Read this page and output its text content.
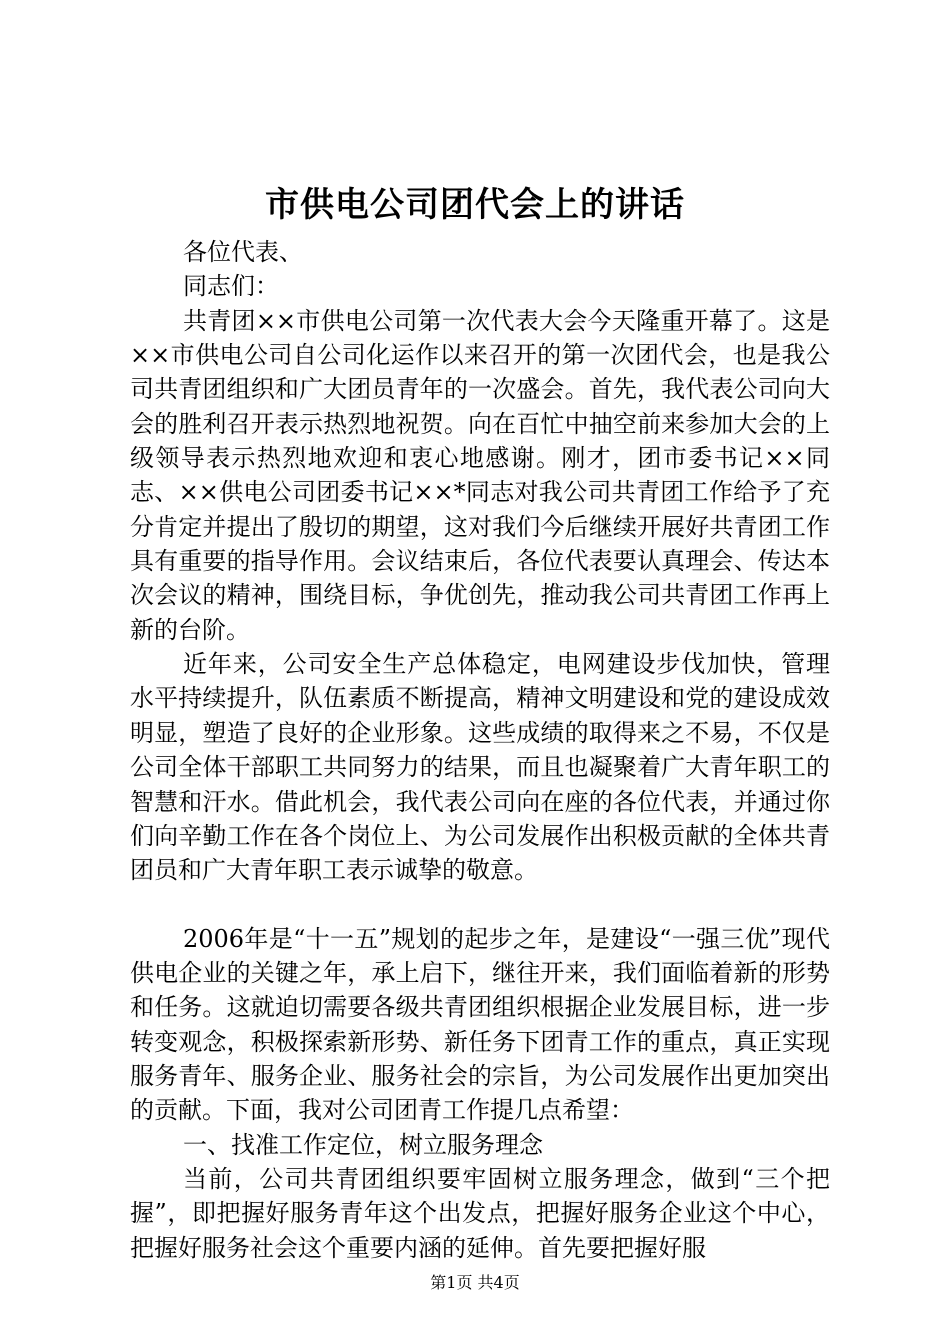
市供电公司团代会上的讲话

各位代表、

同志们：

共青团××市供电公司第一次代表大会今天隆重开幕了。这是××市供电公司自公司化运作以来召开的第一次团代会，也是我公司共青团组织和广大团员青年的一次盛会。首先，我代表公司向大会的胜利召开表示热烈地祝贺。向在百忙中抽空前来参加大会的上级领导表示热烈地欢迎和衷心地感谢。刚才，团市委书记××同志、××供电公司团委书记××*同志对我公司共青团工作给予了充分肯定并提出了殷切的期望，这对我们今后继续开展好共青团工作具有重要的指导作用。会议结束后，各位代表要认真理会、传达本次会议的精神，围绕目标，争优创先，推动我公司共青团工作再上新的台阶。

近年来，公司安全生产总体稳定，电网建设步伐加快，管理水平持续提升，队伍素质不断提高，精神文明建设和党的建设成效明显，塑造了良好的企业形象。这些成绩的取得来之不易，不仅是公司全体干部职工共同努力的结果，而且也凝聚着广大青年职工的智慧和汗水。借此机会，我代表公司向在座的各位代表，并通过你们向辛勤工作在各个岗位上、为公司发展作出积极贡献的全体共青团员和广大青年职工表示诚挚的敬意。

2006年是“十一五”规划的起步之年，是建设“一强三优”现代供电企业的关键之年，承上启下，继往开来，我们面临着新的形势和任务。这就迫切需要各级共青团组织根据企业发展目标，进一步转变观念，积极探索新形势、新任务下团青工作的重点，真正实现服务青年、服务企业、服务社会的宗旨，为公司发展作出更加突出的贡献。下面，我对公司团青工作提几点希望：

一、找准工作定位，树立服务理念

当前，公司共青团组织要牢固树立服务理念，做到“三个把握”，即把握好服务青年这个出发点，把握好服务企业这个中心，把握好服务社会这个重要内涵的延伸。首先要把握好服

第1页 共4页
